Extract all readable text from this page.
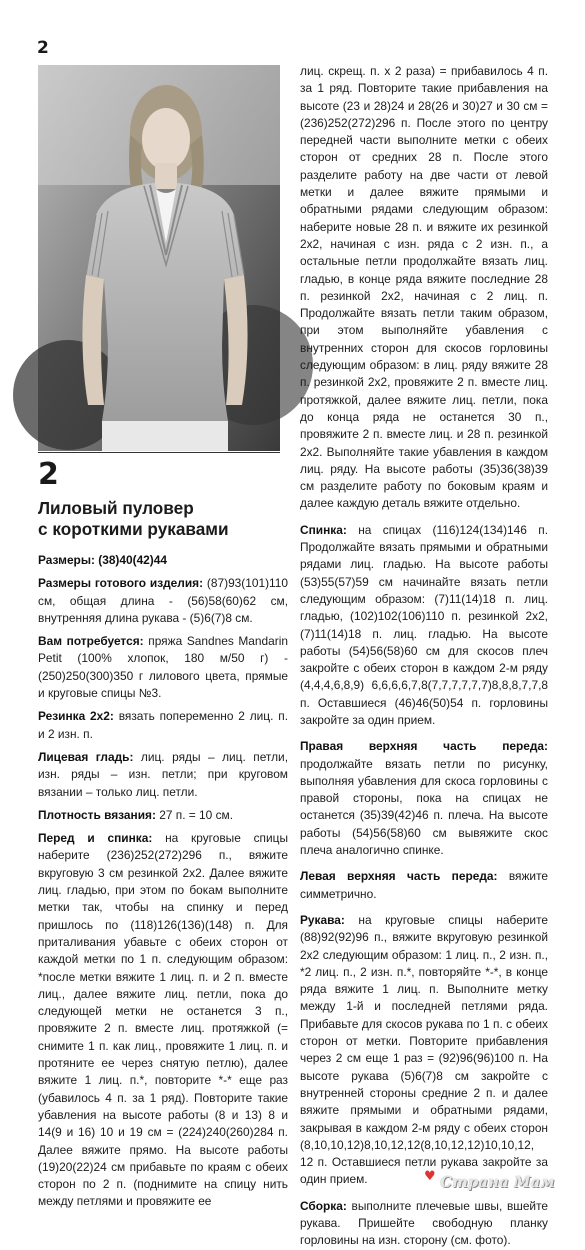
2
2
Лиловый пуловер
с короткими рукавами

Размеры: (38)40(42)44

Размеры готового изделия: (87)93(101)110 см, общая длина - (56)58(60)62 см, внутренняя длина рукава - (5)6(7)8 см.

Вам потребуется: пряжа Sandnes Mandarin Petit (100% хлопок, 180 м/50 г) - (250)250(300)350 г лилового цвета, прямые и круговые спицы №3.

Резинка 2x2: вязать попеременно 2 лиц. п. и 2 изн. п.

Лицевая гладь: лиц. ряды – лиц. петли, изн. ряды – изн. петли; при круговом вязании – только лиц. петли.

Плотность вязания: 27 п. = 10 см.

Перед и спинка: на круговые спицы наберите (236)252(272)296 п., вяжите вкруговую 3 см резинкой 2x2. Далее вяжите лиц. гладью, при этом по бокам выполните метки так, чтобы на спинку и перед пришлось по (118)126(136)(148) п. Для приталивания убавьте с обеих сторон от каждой метки по 1 п. следующим образом: *после метки вяжите 1 лиц. п. и 2 п. вместе лиц., далее вяжите лиц. петли, пока до следующей метки не останется 3 п., провяжите 2 п. вместе лиц. протяжкой (= снимите 1 п. как лиц., провяжите 1 лиц. п. и протяните ее через снятую петлю), далее вяжите 1 лиц. п.*, повторите *-* еще раз (убавилось 4 п. за 1 ряд). Повторите такие убавления на высоте работы (8 и 13) 8 и 14(9 и 16) 10 и 19 см = (224)240(260)284 п. Далее вяжите прямо. На высоте работы (19)20(22)24 см прибавьте по краям с обеих сторон по 2 п. (поднимите на спицу нить между петлями и провяжите ее

лиц. скрещ. п. x 2 раза) = прибавилось 4 п. за 1 ряд. Повторите такие прибавления на высоте (23 и 28)24 и 28(26 и 30)27 и 30 см = (236)252(272)296 п. После этого по центру передней части выполните метки с обеих сторон от средних 28 п. После этого разделите работу на две части от левой метки и далее вяжите прямыми и обратными рядами следующим образом: наберите новые 28 п. и вяжите их резинкой 2x2, начиная с изн. ряда с 2 изн. п., а остальные петли продолжайте вязать лиц. гладью, в конце ряда вяжите последние 28 п. резинкой 2x2, начиная с 2 лиц. п. Продолжайте вязать петли таким образом, при этом выполняйте убавления с внутренних сторон для скосов горловины следующим образом: в лиц. ряду вяжите 28 п. резинкой 2x2, провяжите 2 п. вместе лиц. протяжкой, далее вяжите лиц. петли, пока до конца ряда не останется 30 п., провяжите 2 п. вместе лиц. и 28 п. резинкой 2x2. Выполняйте такие убавления в каждом лиц. ряду. На высоте работы (35)36(38)39 см разделите работу по боковым краям и далее каждую деталь вяжите отдельно.

Спинка: на спицах (116)124(134)146 п. Продолжайте вязать прямыми и обратными рядами лиц. гладью. На высоте работы (53)55(57)59 см начинайте вязать петли следующим образом: (7)11(14)18 п. лиц. гладью, (102)102(106)110 п. резинкой 2x2, (7)11(14)18 п. лиц. гладью. На высоте работы (54)56(58)60 см для скосов плеч закройте с обеих сторон в каждом 2-м ряду (4,4,4,6,8,9) 6,6,6,6,7,8(7,7,7,7,7,7)8,8,8,7,7,8 п. Оставшиеся (46)46(50)54 п. горловины закройте за один прием.

Правая верхняя часть переда: продолжайте вязать петли по рисунку, выполняя убавления для скоса горловины с правой стороны, пока на спицах не останется (35)39(42)46 п. плеча. На высоте работы (54)56(58)60 см вывяжите скос плеча аналогично спинке.

Левая верхняя часть переда: вяжите симметрично.

Рукава: на круговые спицы наберите (88)92(92)96 п., вяжите вкруговую резинкой 2x2 следующим образом: 1 лиц. п., 2 изн. п., *2 лиц. п., 2 изн. п.*, повторяйте *-*, в конце ряда вяжите 1 лиц. п. Выполните метку между 1-й и последней петлями ряда. Прибавьте для скосов рукава по 1 п. с обеих сторон от метки. Повторите прибавления через 2 см еще 1 раз = (92)96(96)100 п. На высоте рукава (5)6(7)8 см закройте с внутренней стороны средние 2 п. и далее вяжите прямыми и обратными рядами, закрывая в каждом 2-м ряду с обеих сторон (8,10,10,12)8,10,12,12(8,10,12,12)10,10,12, 12 п. Оставшиеся петли рукава закройте за один прием.

Сборка: выполните плечевые швы, вшейте рукава. Пришейте свободную планку горловины на изн. сторону (см. фото).

♥ Страна Мам
